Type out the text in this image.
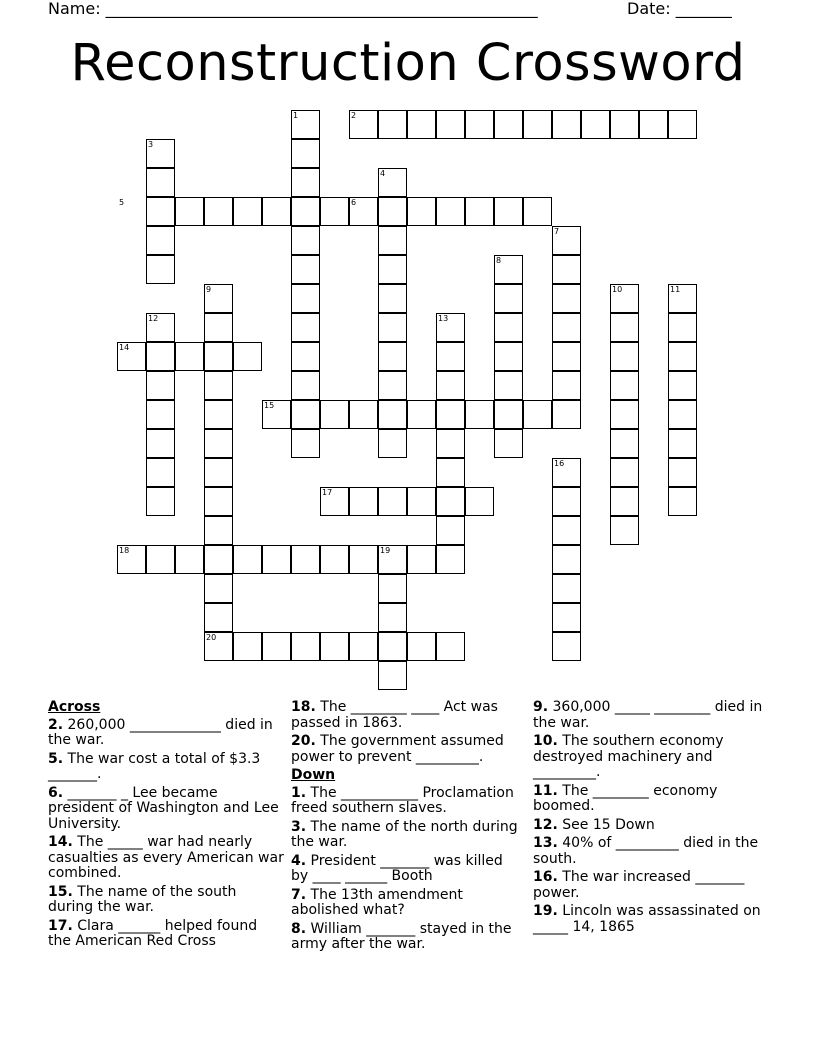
Name: ______________________________________________________	Date: _______
Reconstruction Crossword
1	2
3
4
5	6
7
8
9	10	11
12	13
14
15
16
17
18	19
20
Across
2. 260,000 _____________ died in the war.
5. The war cost a total of $3.3 _______.
6. _______ _ Lee became president of Washington and Lee University.
14. The _____ war had nearly casualties as every American war combined.
15. The name of the south during the war.
17. Clara ______ helped found the American Red Cross
18. The ________ ____ Act was passed in 1863.
20. The government assumed power to prevent _________.
Down
1. The ___________ Proclamation freed southern slaves.
3. The name of the north during the war.
4. President _______ was killed by ____ ______ Booth
7. The 13th amendment abolished what?
8. William _______ stayed in the army after the war.
9. 360,000 _____ ________ died in the war.
10. The southern economy destroyed machinery and _________.
11. The ________ economy boomed.
12. See 15 Down
13. 40% of _________ died in the south.
16. The war increased _______ power.
19. Lincoln was assassinated on _____ 14, 1865
